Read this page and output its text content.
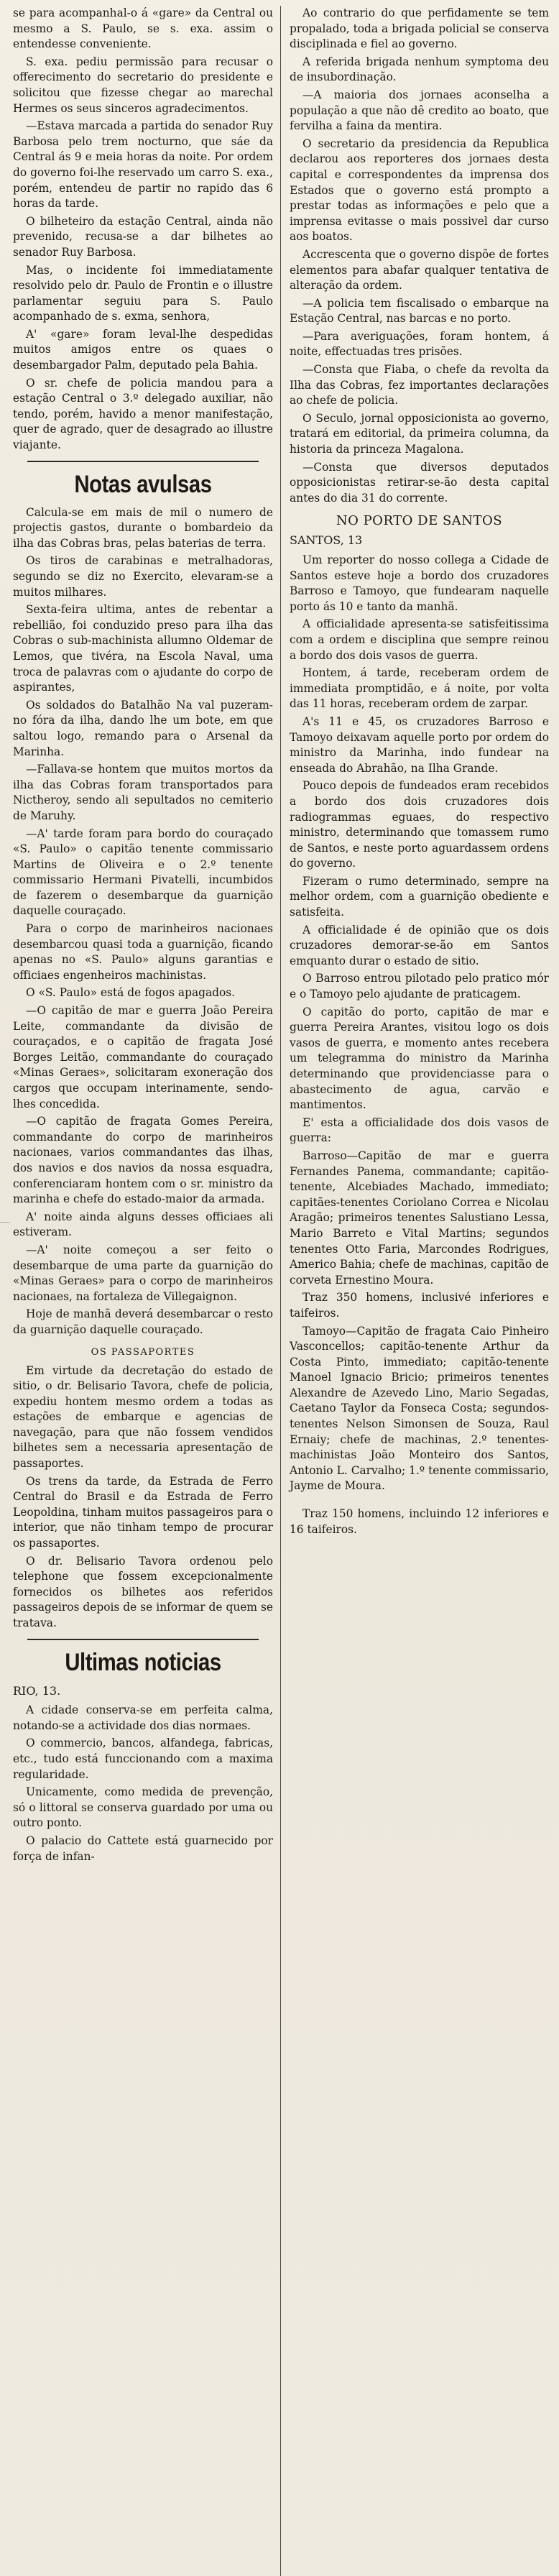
se para acompanhal-o á «gare» da Central ou mesmo a S. Paulo, se s. exa. assim o entendesse conveniente.

S. exa. pediu permissão para recusar o offerecimento do secretario do presidente e solicitou que fizesse chegar ao marechal Hermes os seus sinceros agradecimentos.

—Estava marcada a partida do senador Ruy Barbosa pelo trem nocturno, que sáe da Central ás 9 e meia horas da noite. Por ordem do governo foi-lhe reservado um carro S. exa., porém, entendeu de partir no rapido das 6 horas da tarde.

O bilheteiro da estação Central, ainda não prevenido, recusa-se a dar bilhetes ao senador Ruy Barbosa.

Mas, o incidente foi immediatamente resolvido pelo dr. Paulo de Frontin e o illustre parlamentar seguiu para S. Paulo acompanhado de s. exma, senhora,

A' «gare» foram leval-lhe despedidas muitos amigos entre os quaes o desembargador Palm, deputado pela Bahia.

O sr. chefe de policia mandou para a estação Central o 3.º delegado auxiliar, não tendo, porém, havido a menor manifestação, quer de agrado, quer de desagrado ao illustre viajante.

Notas avulsas

Calcula-se em mais de mil o numero de projectis gastos, durante o bombardeio da ilha das Cobras bras, pelas baterias de terra.

Os tiros de carabinas e metralhadoras, segundo se diz no Exercito, elevaram-se a muitos milhares.

Sexta-feira ultima, antes de rebentar a rebellião, foi conduzido preso para ilha das Cobras o sub-machinista allumno Oldemar de Lemos, que tivéra, na Escola Naval, uma troca de palavras com o ajudante do corpo de aspirantes,

Os soldados do Batalhão Na val puzeram-no fóra da ilha, dando lhe um bote, em que saltou logo, remando para o Arsenal da Marinha.

—Fallava-se hontem que muitos mortos da ilha das Cobras foram transportados para Nictheroy, sendo ali sepultados no cemiterio de Maruhy.

—A' tarde foram para bordo do couraçado «S. Paulo» o capitão tenente commissario Martins de Oliveira e o 2.º tenente commissario Hermani Pivatelli, incumbidos de fazerem o desembarque da guarnição daquelle couraçado.

Para o corpo de marinheiros nacionaes desembarcou quasi toda a guarnição, ficando apenas no «S. Paulo» alguns garantias e officiaes engenheiros machinistas.

O «S. Paulo» está de fogos apagados.

—O capitão de mar e guerra João Pereira Leite, commandante da divisão de couraçados, e o capitão de fragata José Borges Leitão, commandante do couraçado «Minas Geraes», solicitaram exoneração dos cargos que occupam interinamente, sendo-lhes concedida.

—O capitão de fragata Gomes Pereira, commandante do corpo de marinheiros nacionaes, varios commandantes das ilhas, dos navios e dos navios da nossa esquadra, conferenciaram hontem com o sr. ministro da marinha e chefe do estado-maior da armada.

A' noite ainda alguns desses officiaes ali estiveram.

—A' noite começou a ser feito o desembarque de uma parte da guarnição do «Minas Geraes» para o corpo de marinheiros nacionaes, na fortaleza de Villegaignon.

Hoje de manhã deverá desembarcar o resto da guarnição daquelle couraçado.

OS PASSAPORTES

Em virtude da decretação do estado de sitio, o dr. Belisario Tavora, chefe de policia, expediu hontem mesmo ordem a todas as estações de embarque e agencias de navegação, para que não fossem vendidos bilhetes sem a necessaria apresentação de passaportes.

Os trens da tarde, da Estrada de Ferro Central do Brasil e da Estrada de Ferro Leopoldina, tinham muitos passageiros para o interior, que não tinham tempo de procurar os passaportes.

O dr. Belisario Tavora ordenou pelo telephone que fossem excepcionalmente fornecidos os bilhetes aos referidos passageiros depois de se informar de quem se tratava.

Ultimas noticias

RIO, 13.

A cidade conserva-se em perfeita calma, notando-se a actividade dos dias normaes.

O commercio, bancos, alfandega, fabricas, etc., tudo está funccionando com a maxima regularidade.

Unicamente, como medida de prevenção, só o littoral se conserva guardado por uma ou outro ponto.

O palacio do Cattete está guarnecido por força de infan-

Ao contrario do que perfidamente se tem propalado, toda a brigada policial se conserva disciplinada e fiel ao governo.

A referida brigada nenhum symptoma deu de insubordinação.

—A maioria dos jornaes aconselha a população a que não dê credito ao boato, que fervilha a faina da mentira.

O secretario da presidencia da Republica declarou aos reporteres dos jornaes desta capital e correspondentes da imprensa dos Estados que o governo está prompto a prestar todas as informações e pelo que a imprensa evitasse o mais possivel dar curso aos boatos.

Accrescenta que o governo dispõe de fortes elementos para abafar qualquer tentativa de alteração da ordem.

—A policia tem fiscalisado o embarque na Estação Central, nas barcas e no porto.

—Para averiguações, foram hontem, á noite, effectuadas tres prisões.

—Consta que Fiaba, o chefe da revolta da Ilha das Cobras, fez importantes declarações ao chefe de policia.

O Seculo, jornal opposicionista ao governo, tratará em editorial, da primeira columna, da historia da princeza Magalona.

—Consta que diversos deputados opposicionistas retirar-se-ão desta capital antes do dia 31 do corrente.

NO PORTO DE SANTOS

SANTOS, 13

Um reporter do nosso collega a Cidade de Santos esteve hoje a bordo dos cruzadores Barroso e Tamoyo, que fundearam naquelle porto ás 10 e tanto da manhã.

A officialidade apresenta-se satisfeitissima com a ordem e disciplina que sempre reinou a bordo dos dois vasos de guerra.

Hontem, á tarde, receberam ordem de immediata promptidão, e á noite, por volta das 11 horas, receberam ordem de zarpar.

A's 11 e 45, os cruzadores Barroso e Tamoyo deixavam aquelle porto por ordem do ministro da Marinha, indo fundear na enseada do Abrahão, na Ilha Grande.

Pouco depois de fundeados eram recebidos a bordo dos dois cruzadores dois radiogrammas eguaes, do respectivo ministro, determinando que tomassem rumo de Santos, e neste porto aguardassem ordens do governo.

Fizeram o rumo determinado, sempre na melhor ordem, com a guarnição obediente e satisfeita.

A officialidade é de opinião que os dois cruzadores demorar-se-ão em Santos emquanto durar o estado de sitio.

O Barroso entrou pilotado pelo pratico mór e o Tamoyo pelo ajudante de praticagem.

O capitão do porto, capitão de mar e guerra Pereira Arantes, visitou logo os dois vasos de guerra, e momento antes recebera um telegramma do ministro da Marinha determinando que providenciasse para o abastecimento de agua, carvão e mantimentos.

E' esta a officialidade dos dois vasos de guerra:

Barroso—Capitão de mar e guerra Fernandes Panema, commandante; capitão-tenente, Alcebiades Machado, immediato; capitães-tenentes Coriolano Correa e Nicolau Aragão; primeiros tenentes Salustiano Lessa, Mario Barreto e Vital Martins; segundos tenentes Otto Faria, Marcondes Rodrigues, Americo Bahia; chefe de machinas, capitão de corveta Ernestino Moura.

Traz 350 homens, inclusivé inferiores e taifeiros.

Tamoyo—Capitão de fragata Caio Pinheiro Vasconcellos; capitão-tenente Arthur da Costa Pinto, immediato; capitão-tenente Manoel Ignacio Bricio; primeiros tenentes Alexandre de Azevedo Lino, Mario Segadas, Caetano Taylor da Fonseca Costa; segundos-tenentes Nelson Simonsen de Souza, Raul Ernaiy; chefe de machinas, 2.º tenentes-machinistas João Monteiro dos Santos, Antonio L. Carvalho; 1.º tenente commissario, Jayme de Moura.

Traz 150 homens, incluindo 12 inferiores e 16 taifeiros.
